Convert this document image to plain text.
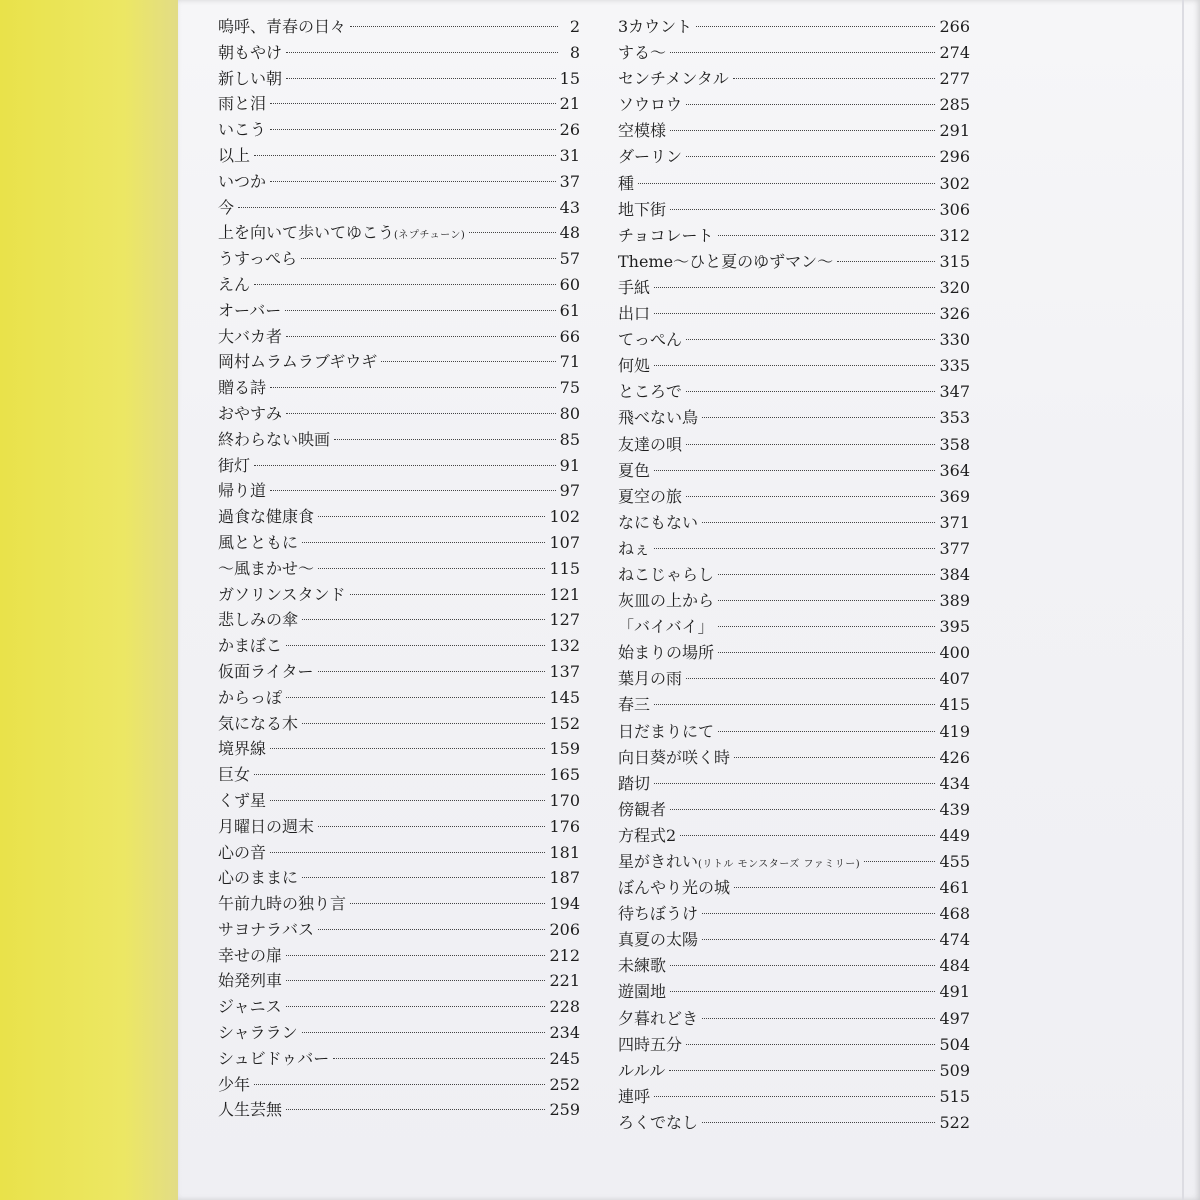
嗚呼、青春の日々	2
朝もやけ	8
新しい朝	15
雨と泪	21
いこう	26
以上	31
いつか	37
今	43
上を向いて歩いてゆこう(ネプチューン)	48
うすっぺら	57
えん	60
オーバー	61
大バカ者	66
岡村ムラムラブギウギ	71
贈る詩	75
おやすみ	80
終わらない映画	85
街灯	91
帰り道	97
過食な健康食	102
風とともに	107
～風まかせ～	115
ガソリンスタンド	121
悲しみの傘	127
かまぼこ	132
仮面ライター	137
からっぽ	145
気になる木	152
境界線	159
巨女	165
くず星	170
月曜日の週末	176
心の音	181
心のままに	187
午前九時の独り言	194
サヨナラバス	206
幸せの扉	212
始発列車	221
ジャニス	228
シャララン	234
シュビドゥバー	245
少年	252
人生芸無	259
3カウント	266
する～	274
センチメンタル	277
ソウロウ	285
空模様	291
ダーリン	296
種	302
地下街	306
チョコレート	312
Theme～ひと夏のゆずマン～	315
手紙	320
出口	326
てっぺん	330
何処	335
ところで	347
飛べない鳥	353
友達の唄	358
夏色	364
夏空の旅	369
なにもない	371
ねぇ	377
ねこじゃらし	384
灰皿の上から	389
「バイバイ」	395
始まりの場所	400
葉月の雨	407
春三	415
日だまりにて	419
向日葵が咲く時	426
踏切	434
傍観者	439
方程式2	449
星がきれい(リトル モンスターズ ファミリー)	455
ぼんやり光の城	461
待ちぼうけ	468
真夏の太陽	474
未練歌	484
遊園地	491
夕暮れどき	497
四時五分	504
ルルル	509
連呼	515
ろくでなし	522
